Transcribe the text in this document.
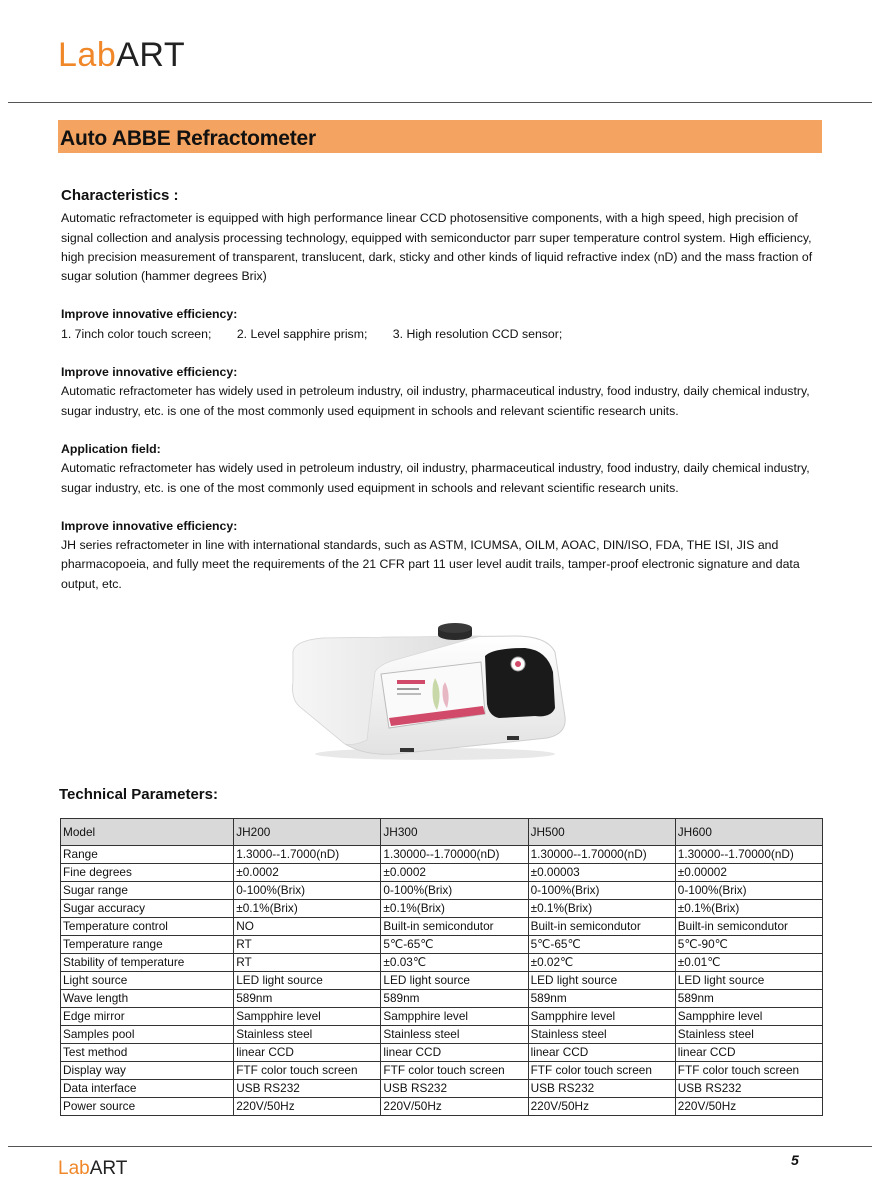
LabART
Auto ABBE Refractometer
Characteristics :

Automatic refractometer is equipped with high performance linear CCD photosensitive components, with a high speed, high precision of signal collection and analysis processing technology, equipped with semiconductor parr super temperature control system. High efficiency, high precision measurement of transparent, translucent, dark, sticky and other kinds of liquid refractive index (nD) and the mass fraction of sugar solution (hammer degrees Brix)

Improve innovative efficiency:
1. 7inch color touch screen; 2. Level sapphire prism; 3. High resolution CCD sensor;
Improve innovative efficiency:

Automatic refractometer has widely used in petroleum industry, oil industry, pharmaceutical industry, food industry, daily chemical industry, sugar industry, etc. is one of the most commonly used equipment in schools and relevant scientific research units.

Application field:

Automatic refractometer has widely used in petroleum industry, oil industry, pharmaceutical industry, food industry, daily chemical industry, sugar industry, etc. is one of the most commonly used equipment in schools and relevant scientific research units.

Improve innovative efficiency:

JH series refractometer in line with international standards, such as ASTM, ICUMSA, OILM, AOAC, DIN/ISO, FDA, THE ISI, JIS and pharmacopoeia, and fully meet the requirements of the 21 CFR part 11 user level audit trails, tamper-proof electronic signature and data output, etc.

Technical Parameters:
Model	JH200	JH300	JH500	JH600
Range	1.3000--1.7000(nD)	1.30000--1.70000(nD)	1.30000--1.70000(nD)	1.30000--1.70000(nD)
Fine degrees	±0.0002	±0.0002	±0.00003	±0.00002
Sugar range	0-100%(Brix)	0-100%(Brix)	0-100%(Brix)	0-100%(Brix)
Sugar accuracy	±0.1%(Brix)	±0.1%(Brix)	±0.1%(Brix)	±0.1%(Brix)
Temperature control	NO	Built-in semicondutor	Built-in semicondutor	Built-in semicondutor
Temperature range	RT	5℃-65℃	5℃-65℃	5℃-90℃
Stability of temperature	RT	±0.03℃	±0.02℃	±0.01℃
Light source	LED light source	LED light source	LED light source	LED light source
Wave length	589nm	589nm	589nm	589nm
Edge mirror	Sampphire level	Sampphire level	Sampphire level	Sampphire level
Samples pool	Stainless steel	Stainless steel	Stainless steel	Stainless steel
Test method	linear CCD	linear CCD	linear CCD	linear CCD
Display way	FTF color touch screen	FTF color touch screen	FTF color touch screen	FTF color touch screen
Data interface	USB RS232	USB RS232	USB RS232	USB RS232
Power source	220V/50Hz	220V/50Hz	220V/50Hz	220V/50Hz
LabART	5
